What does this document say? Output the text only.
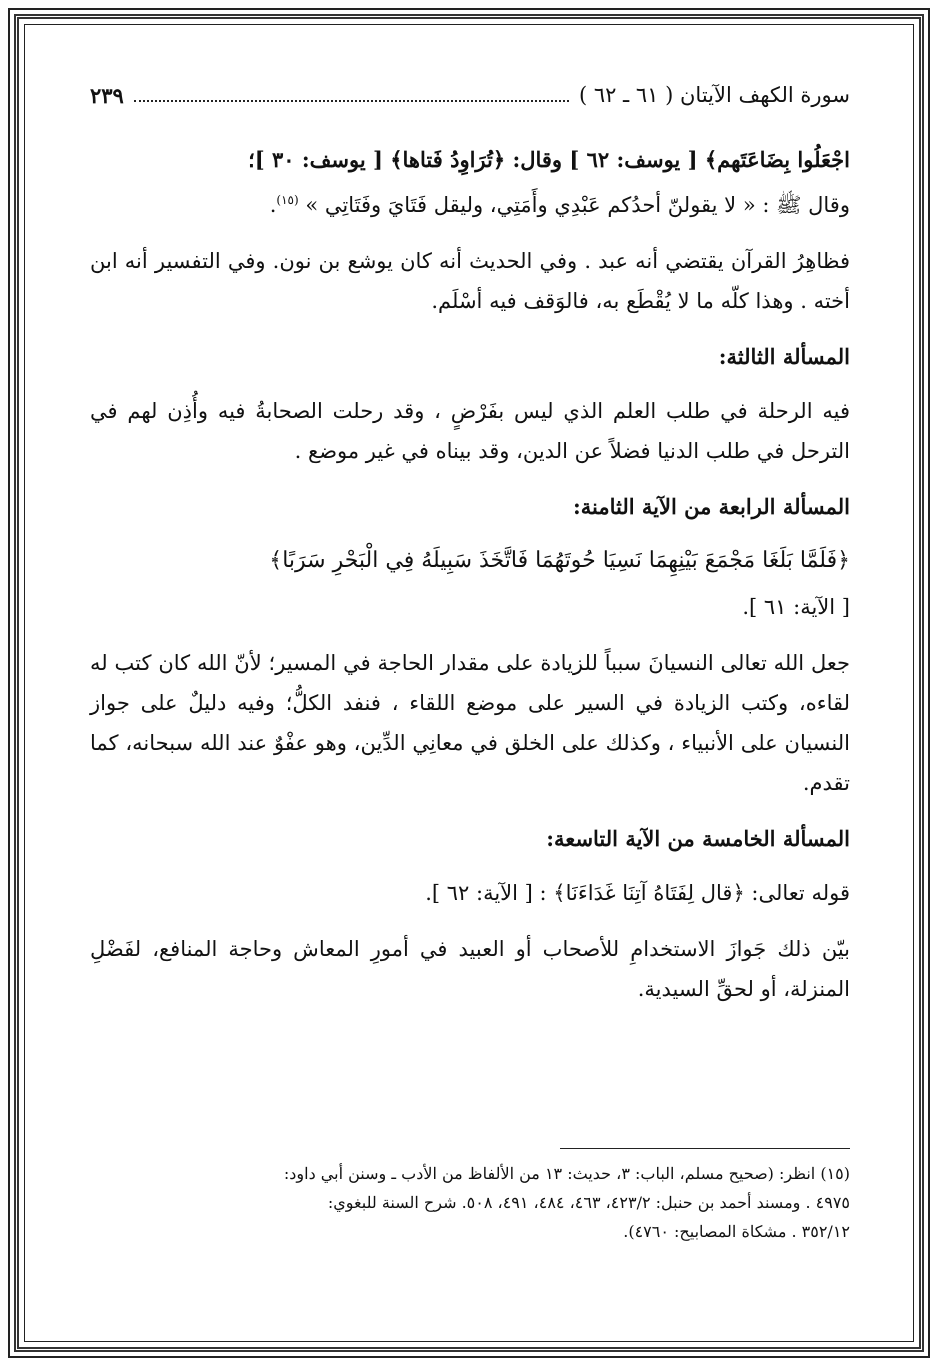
سورة الكهف الآيتان ( ٦١ ـ ٦٢ )
٢٣٩

اجْعَلُوا بِضَاعَتَهم﴾ [ يوسف: ٦٢ ] وقال: ﴿تُرَاوِدُ فَتاها﴾ [ يوسف: ٣٠ ]؛
وقال ﷺ : « لا يقولنّ أحدُكم عَبْدِي وأَمَتِي، وليقل فَتَايَ وفَتَاتِي » $^{(١٥)}$.

فظاهِرُ القرآن يقتضي أنه عبد . وفي الحديث أنه كان يوشع بن نون. وفي التفسير أنه ابن أخته . وهذا كلّه ما لا يُقْطَع به، فالوَقف فيه أسْلَم.

المسألة الثالثة:

فيه الرحلة في طلب العلم الذي ليس بفَرْضٍ ، وقد رحلت الصحابةُ فيه وأُذِن لهم في الترحل في طلب الدنيا فضلاً عن الدين، وقد بيناه في غير موضع .

المسألة الرابعة من الآية الثامنة:
﴿فَلَمَّا بَلَغَا مَجْمَعَ بَيْنِهِمَا نَسِيَا حُوتَهُمَا فَاتَّخَذَ سَبِيلَهُ فِي الْبَحْرِ سَرَبًا﴾
[ الآية: ٦١ ].

جعل الله تعالى النسيانَ سبباً للزيادة على مقدار الحاجة في المسير؛ لأنّ الله كان كتب له لقاءه، وكتب الزيادة في السير على موضع اللقاء ، فنفد الكلُّ؛ وفيه دليلٌ على جواز النسيان على الأنبياء ، وكذلك على الخلق في معانِي الدِّين، وهو عفْوٌ عند الله سبحانه، كما تقدم.

المسألة الخامسة من الآية التاسعة:

قوله تعالى: ﴿قال لِفَتَاهُ آتِنَا غَدَاءَنَا﴾ : [ الآية: ٦٢ ].

بيّن ذلك جَوازَ الاستخدامِ للأصحاب أو العبيد في أمورِ المعاش وحاجة المنافع، لفَضْلِ المنزلة، أو لحقِّ السيدية.

(١٥) انظر: (صحيح مسلم، الباب: ٣، حديث: ١٣ من الألفاظ من الأدب ـ وسنن أبي داود:
٤٩٧٥ . ومسند أحمد بن حنبل: ٤٢٣/٢، ٤٦٣، ٤٨٤، ٤٩١، ٥٠٨. شرح السنة للبغوي:
٣٥٢/١٢ . مشكاة المصابيح: ٤٧٦٠).
